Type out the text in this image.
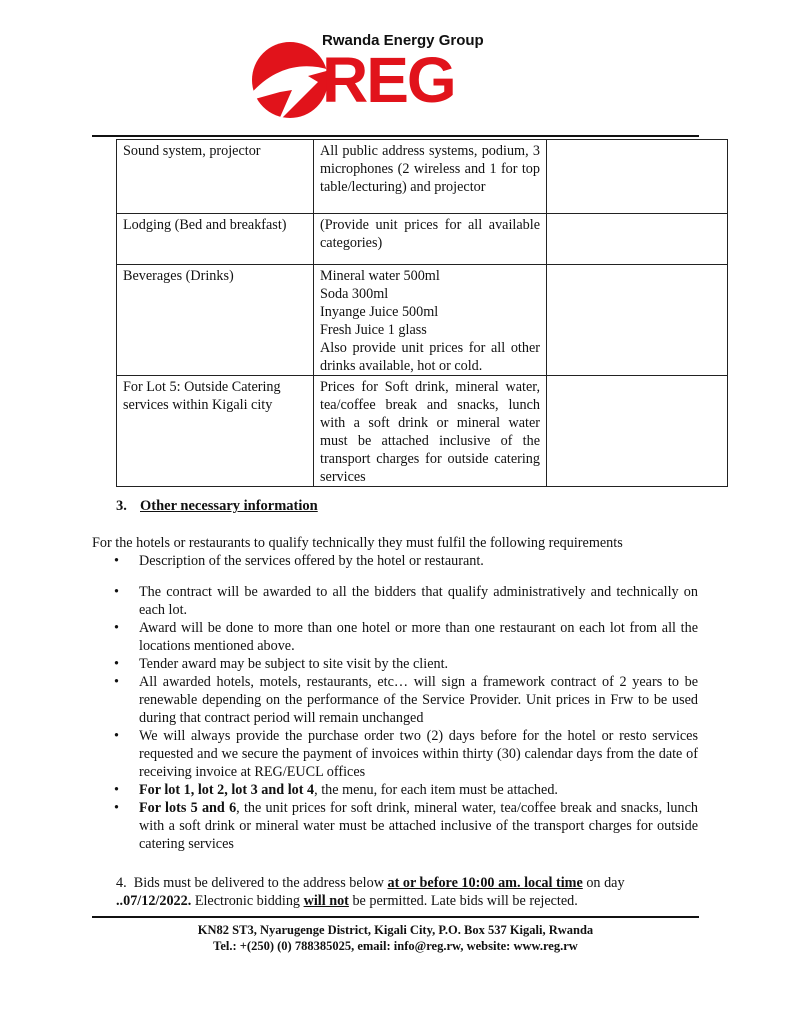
Rwanda Energy Group
REG
Sound system, projector	All public address systems, podium, 3 microphones (2 wireless and 1 for top table/lecturing) and projector	
Lodging (Bed and breakfast)	(Provide unit prices for all available categories)	
Beverages (Drinks)	Mineral water 500ml
Soda 300ml
Inyange Juice 500ml
Fresh Juice 1 glass
Also provide unit prices for all other drinks available, hot or cold.	

For Lot 5: Outside Catering services within Kigali city	Prices for Soft drink, mineral water, tea/coffee break and snacks, lunch with a soft drink or mineral water must be attached inclusive of the transport charges for outside catering services	
3. Other necessary information
For the hotels or restaurants to qualify technically they must fulfil the following requirements
• Description of the services offered by the hotel or restaurant.
• The contract will be awarded to all the bidders that qualify administratively and technically on each lot.
• Award will be done to more than one hotel or more than one restaurant on each lot from all the locations mentioned above.
• Tender award may be subject to site visit by the client.
• All awarded hotels, motels, restaurants, etc… will sign a framework contract of 2 years to be renewable depending on the performance of the Service Provider. Unit prices in Frw to be used during that contract period will remain unchanged
• We will always provide the purchase order two (2) days before for the hotel or resto services requested and we secure the payment of invoices within thirty (30) calendar days from the date of receiving invoice at REG/EUCL offices
• For lot 1, lot 2, lot 3 and lot 4, the menu, for each item must be attached.
• For lots 5 and 6, the unit prices for soft drink, mineral water, tea/coffee break and snacks, lunch with a soft drink or mineral water must be attached inclusive of the transport charges for outside catering services
4. Bids must be delivered to the address below at or before 10:00 am. local time on day
..07/12/2022. Electronic bidding will not be permitted. Late bids will be rejected.
KN82 ST3, Nyarugenge District, Kigali City, P.O. Box 537 Kigali, Rwanda
Tel.: +(250) (0) 788385025, email: info@reg.rw, website: www.reg.rw
